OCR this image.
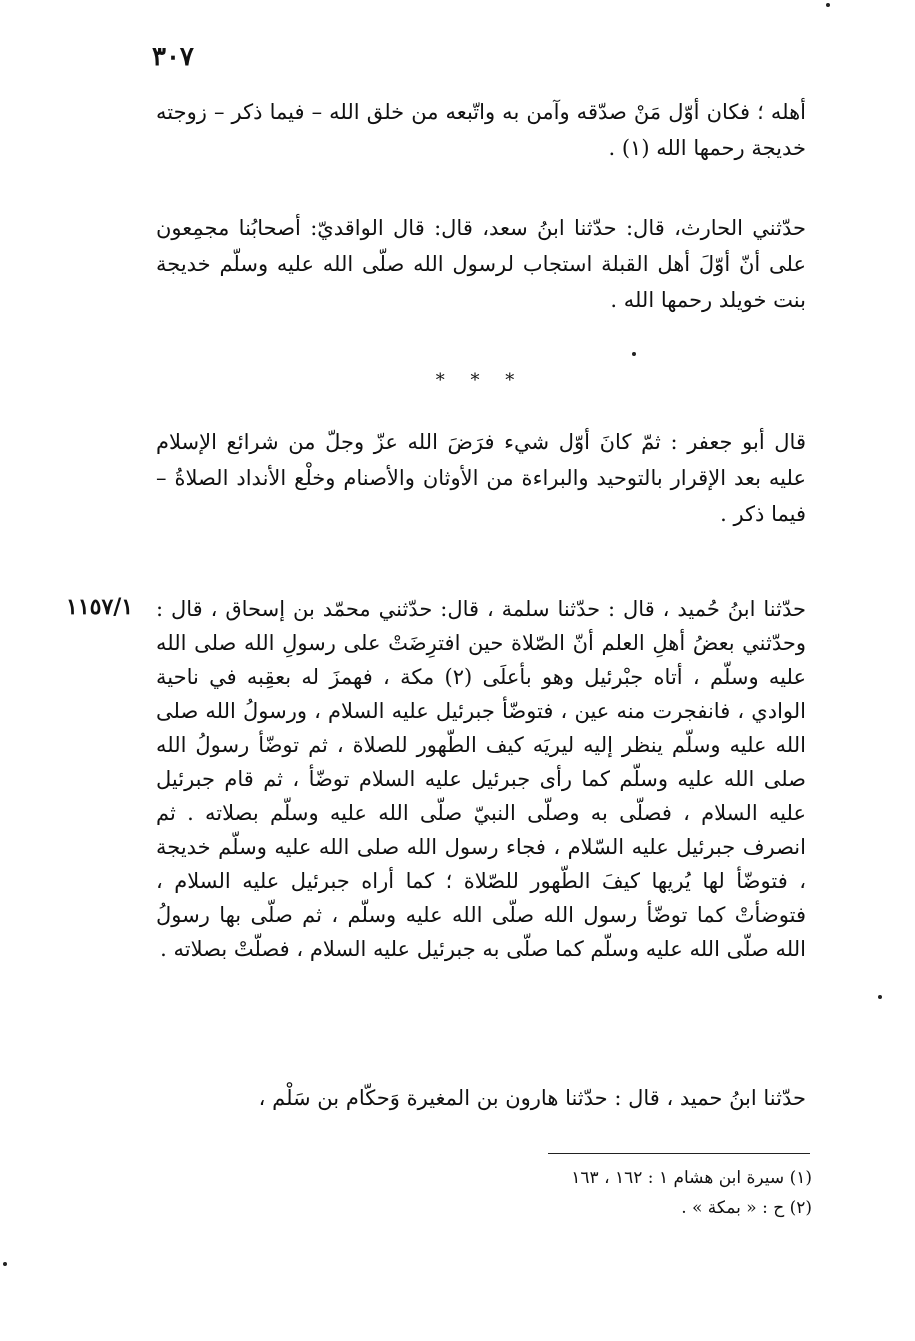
٣٠٧

أهله ؛ فكان أوّل مَنْ صدّقه وآمن به واتّبعه من خلق الله – فيما ذكر – زوجته خديجة رحمها الله (١) .

حدّثني الحارث، قال: حدّثنا ابنُ سعد، قال: قال الواقديّ: أصحابُنا مجمِعون على أنّ أوّلَ أهل القبلة استجاب لرسول الله صلّى الله عليه وسلّم خديجة بنت خويلد رحمها الله .

* * *

قال أبو جعفر : ثمّ كانَ أوّل شيء فرَضَ الله عزّ وجلّ من شرائع الإسلام عليه بعد الإقرار بالتوحيد والبراءة من الأوثان والأصنام وخلْع الأنداد الصلاةُ – فيما ذكر .

١١٥٧/١ حدّثنا ابنُ حُميد ، قال : حدّثنا سلمة ، قال: حدّثني محمّد بن إسحاق ، قال : وحدّثني بعضُ أهلِ العلم أنّ الصّلاة حين افترِضَتْ على رسولِ الله صلى الله عليه وسلّم ، أتاه جبْرئيل وهو بأعلَى (٢) مكة ، فهمزَ له بعقِبه في ناحية الوادي ، فانفجرت منه عين ، فتوضّأ جبرئيل عليه السلام ، ورسولُ الله صلى الله عليه وسلّم ينظر إليه ليريَه كيف الطّهور للصلاة ، ثم توضّأ رسولُ الله صلى الله عليه وسلّم كما رأى جبرئيل عليه السلام توضّأ ، ثم قام جبرئيل عليه السلام ، فصلّى به وصلّى النبيّ صلّى الله عليه وسلّم بصلاته . ثم انصرف جبرئيل عليه السّلام ، فجاء رسول الله صلى الله عليه وسلّم خديجة ، فتوضّأ لها يُريها كيفَ الطّهور للصّلاة ؛ كما أراه جبرئيل عليه السلام ، فتوضأتْ كما توضّأ رسول الله صلّى الله عليه وسلّم ، ثم صلّى بها رسولُ الله صلّى الله عليه وسلّم كما صلّى به جبرئيل عليه السلام ، فصلّتْ بصلاته .

حدّثنا ابنُ حميد ، قال : حدّثنا هارون بن المغيرة وَحكّام بن سَلْم ،

(١) سيرة ابن هشام ١ : ١٦٢ ، ١٦٣

(٢) ح : « بمكة » .
